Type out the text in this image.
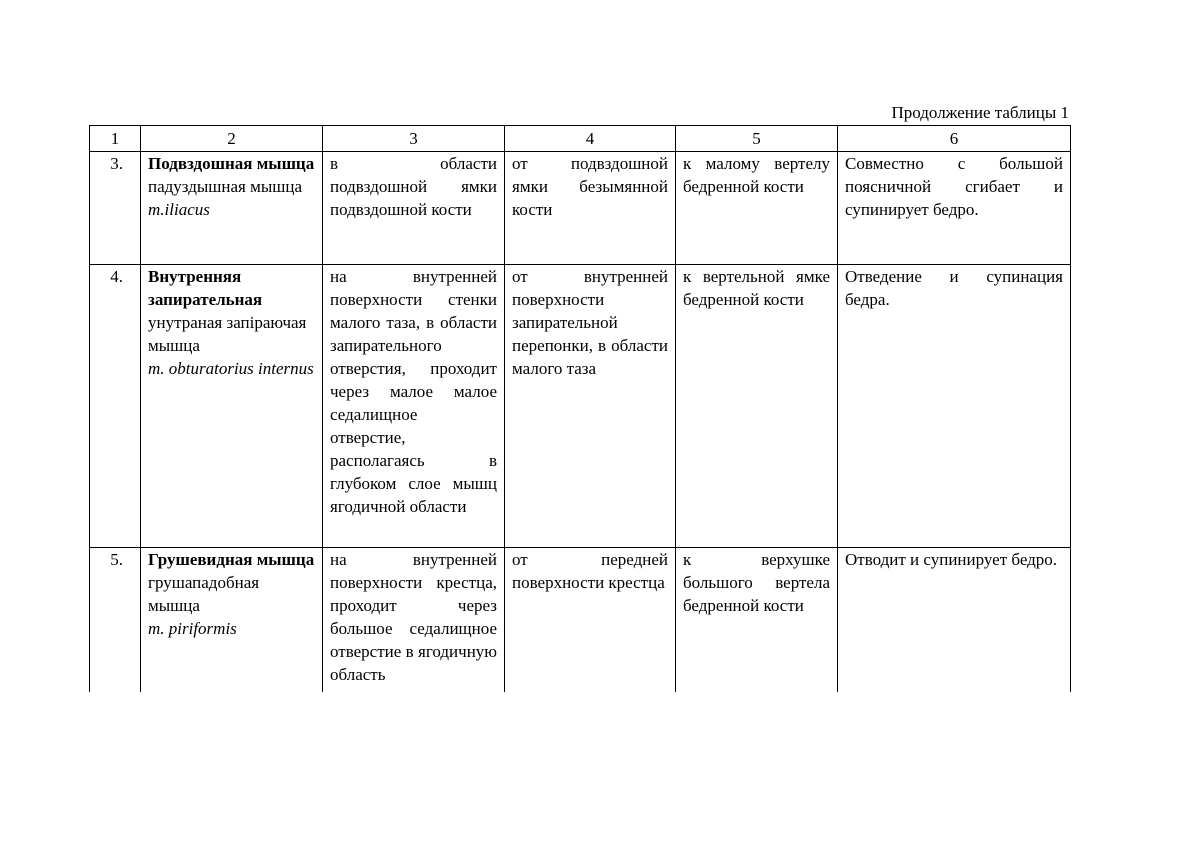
Продолжение таблицы 1
1	2	3	4	5	6
3.	Подвздошная мышца
падуздышная мышца
m.iliacus	в области подвздошной ямки подвздошной кости	от подвздошной ямки безымянной кости	к малому вертелу бедренной кости	Совместно с большой поясничной сгибает и супинирует бедро.
4.	Внутренняя запирательная
унутраная запіраючая мышца
m. obturatorius internus	на внутренней поверхности стенки малого таза, в области запирательного отверстия, проходит через малое малое седалищное отверстие, располагаясь в глубоком слое мышц ягодичной области	от внутренней поверхности запирательной перепонки, в области малого таза	к вертельной ямке бедренной кости	Отведение и супинация бедра.
5.	Грушевидная мышца
грушападобная мышца
m. piriformis	на внутренней поверхности крестца, проходит через большое седалищное отверстие в ягодичную область	от передней поверхности крестца	к верхушке большого вертела бедренной кости	Отводит и супинирует бедро.
